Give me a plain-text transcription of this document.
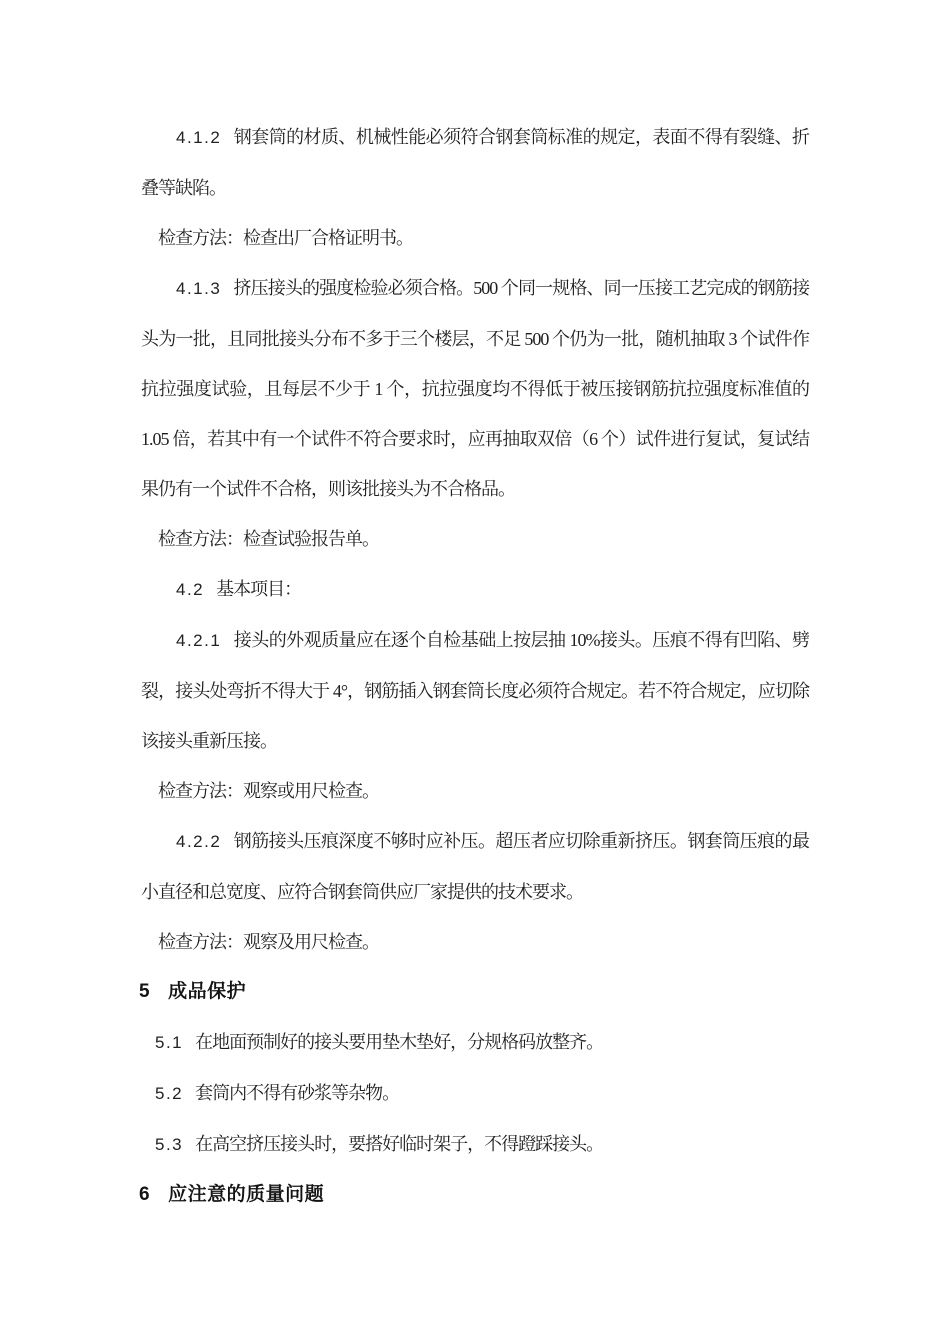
4.1.2 钢套筒的材质、机械性能必须符合钢套筒标准的规定，表面不得有裂缝、折叠等缺陷。

检查方法：检查出厂合格证明书。

4.1.3 挤压接头的强度检验必须合格。500 个同一规格、同一压接工艺完成的钢筋接头为一批，且同批接头分布不多于三个楼层，不足 500 个仍为一批，随机抽取 3 个试件作抗拉强度试验，且每层不少于 1 个，抗拉强度均不得低于被压接钢筋抗拉强度标准值的 1.05 倍，若其中有一个试件不符合要求时，应再抽取双倍（6 个）试件进行复试，复试结果仍有一个试件不合格，则该批接头为不合格品。

检查方法：检查试验报告单。

4.2 基本项目：

4.2.1 接头的外观质量应在逐个自检基础上按层抽 10%接头。压痕不得有凹陷、劈裂，接头处弯折不得大于 4°，钢筋插入钢套筒长度必须符合规定。若不符合规定，应切除该接头重新压接。

检查方法：观察或用尺检查。

4.2.2 钢筋接头压痕深度不够时应补压。超压者应切除重新挤压。钢套筒压痕的最小直径和总宽度、应符合钢套筒供应厂家提供的技术要求。

检查方法：观察及用尺检查。

5 成品保护

5.1 在地面预制好的接头要用垫木垫好，分规格码放整齐。

5.2 套筒内不得有砂浆等杂物。

5.3 在高空挤压接头时，要搭好临时架子，不得蹬踩接头。

6 应注意的质量问题
